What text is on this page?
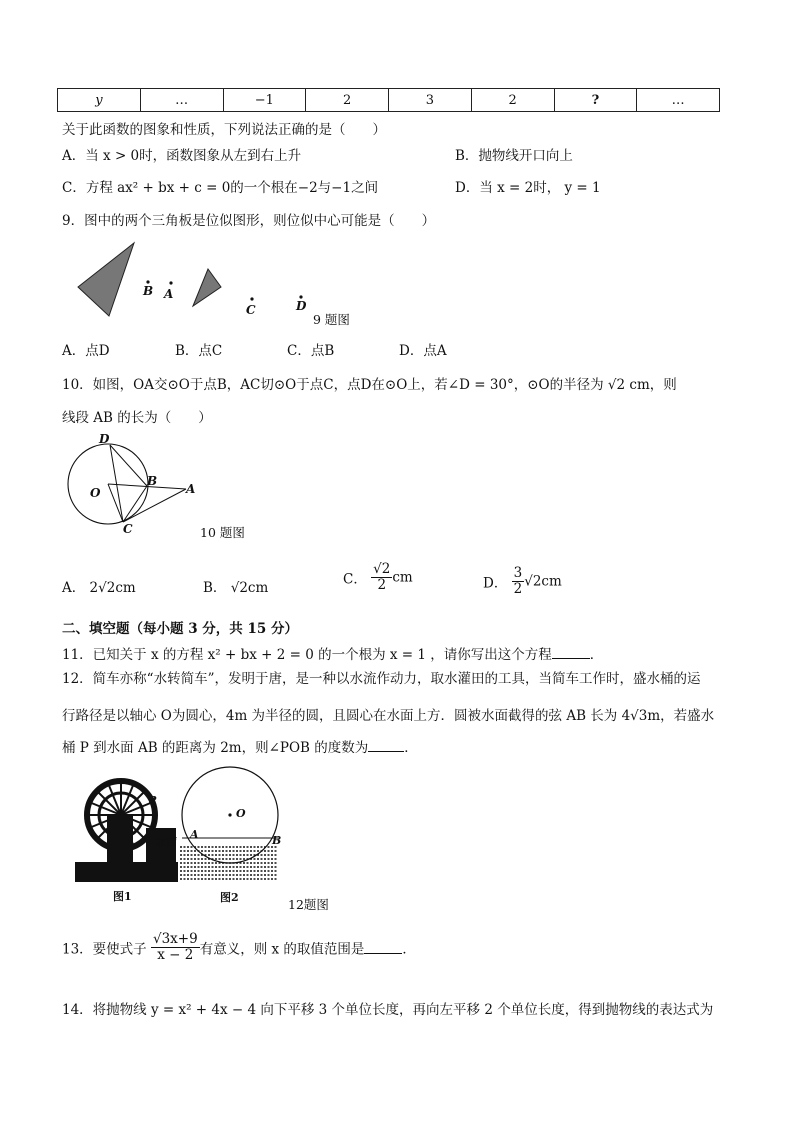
y	…	−1	2	3	2	?	…
关于此函数的图象和性质，下列说法正确的是（　　）
A．当 x > 0时，函数图象从左到右上升	B．抛物线开口向上
C．方程 ax² + bx + c = 0的一个根在−2与−1之间	D．当 x = 2时， y = 1
9．图中的两个三角板是位似图形，则位似中心可能是（　　）
B A
C	D
9 题图
A．点D	B．点C	C．点B	D．点A
10．如图，OA交⊙O于点B，AC切⊙O于点C，点D在⊙O上，若∠D = 30°，⊙O的半径为 √2 cm，则
线段 AB 的长为（　　）
D
O
B
A
C	10 题图
A． 2√2cm	B． √2cm
C． $\frac{√2}{2}$ cm	D． $\frac{3}{2} √2cm$
二、填空题（每小题 3 分，共 15 分）
11．已知关于 x 的方程 x² + bx + 2 = 0 的一个根为 x = 1 ，请你写出这个方程	．
12．简车亦称“水转简车”，发明于唐，是一种以水流作动力，取水灌田的工具，当简车工作时，盛水桶的运
行路径是以轴心 O为圆心，4m 为半径的圆，且圆心在水面上方．圆被水面截得的弦 AB 长为 4√3m，若盛水
桶 P 到水面 AB 的距离为 2m，则∠POB 的度数为	．
P
水面
O
A	B
图1	图2	12题图
13．要使式子 $\frac{√3x+9}{x - 2}$ 有意义，则 x 的取值范围是	．
14．将抛物线 y = x² + 4x − 4 向下平移 3 个单位长度，再向左平移 2 个单位长度，得到抛物线的表达式为
